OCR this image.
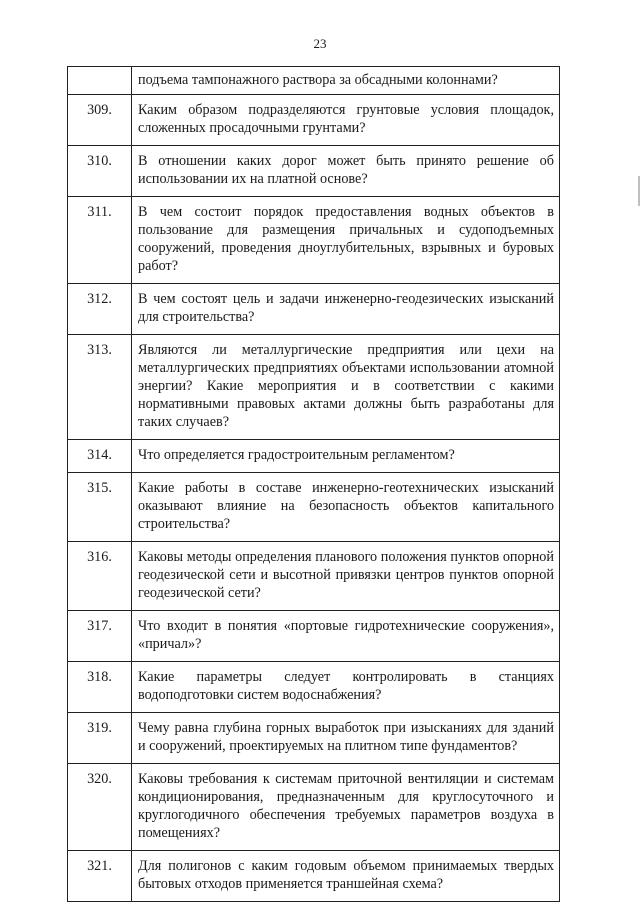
23
	подъема тампонажного раствора за обсадными колоннами?
309.	Каким образом подразделяются грунтовые условия площадок, сложенных просадочными грунтами?
310.	В отношении каких дорог может быть принято решение об использовании их на платной основе?
311.	В чем состоит порядок предоставления водных объектов в пользование для размещения причальных и судоподъемных сооружений, проведения дноуглубительных, взрывных и буровых работ?
312.	В чем состоят цель и задачи инженерно-геодезических изысканий для строительства?
313.	Являются ли металлургические предприятия или цехи на металлургических предприятиях объектами использовании атомной энергии? Какие мероприятия и в соответствии с какими нормативными правовых актами должны быть разработаны для таких случаев?
314.	Что определяется градостроительным регламентом?
315.	Какие работы в составе инженерно-геотехнических изысканий оказывают влияние на безопасность объектов капитального строительства?
316.	Каковы методы определения планового положения пунктов опорной геодезической сети и высотной привязки центров пунктов опорной геодезической сети?
317.	Что входит в понятия «портовые гидротехнические сооружения», «причал»?
318.	Какие параметры следует контролировать в станциях водоподготовки систем водоснабжения?
319.	Чему равна глубина горных выработок при изысканиях для зданий и сооружений, проектируемых на плитном типе фундаментов?
320.	Каковы требования к системам приточной вентиляции и системам кондиционирования, предназначенным для круглосуточного и круглогодичного обеспечения требуемых параметров воздуха в помещениях?
321.	Для полигонов с каким годовым объемом принимаемых твердых бытовых отходов применяется траншейная схема?
